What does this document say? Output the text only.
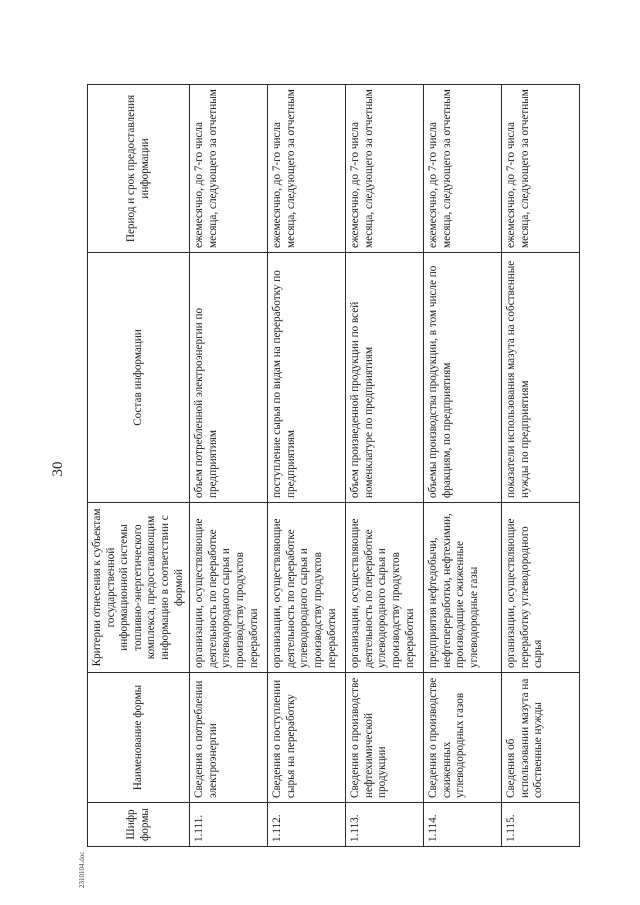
30
2310104.doc
Шифр формы	Наименование формы	Критерии отнесения к субъектам государственной информационной системы топливно-энергетического комплекса, предоставляющим информацию в соответствии с формой	Состав информации	Период и срок предоставления информации
1.111.	Сведения о потреблении электроэнергии	организации, осуществляющие деятельность по переработке углеводородного сырья и производству продуктов переработки	объем потребленной электроэнергии по предприятиям	ежемесячно, до 7-го числа месяца, следующего за отчетным
1.112.	Сведения о поступлении сырья на переработку	организации, осуществляющие деятельность по переработке углеводородного сырья и производству продуктов переработки	поступление сырья по видам на переработку по предприятиям	ежемесячно, до 7-го числа месяца, следующего за отчетным
1.113.	Сведения о производстве нефтехимической продукции	организации, осуществляющие деятельность по переработке углеводородного сырья и производству продуктов переработки	объем произведенной продукции по всей номенклатуре по предприятиям	ежемесячно, до 7-го числа месяца, следующего за отчетным
1.114.	Сведения о производстве сжиженных углеводородных газов	предприятия нефтедобычи, нефтепереработки, нефтехимии, производящие сжиженные углеводородные газы	объемы производства продукции, в том числе по фракциям, по предприятиям	ежемесячно, до 7-го числа месяца, следующего за отчетным
1.115.	Сведения об использовании мазута на собственные нужды	организации, осуществляющие переработку углеводородного сырья	показатели использования мазута на собственные нужды по предприятиям	ежемесячно, до 7-го числа месяца, следующего за отчетным
